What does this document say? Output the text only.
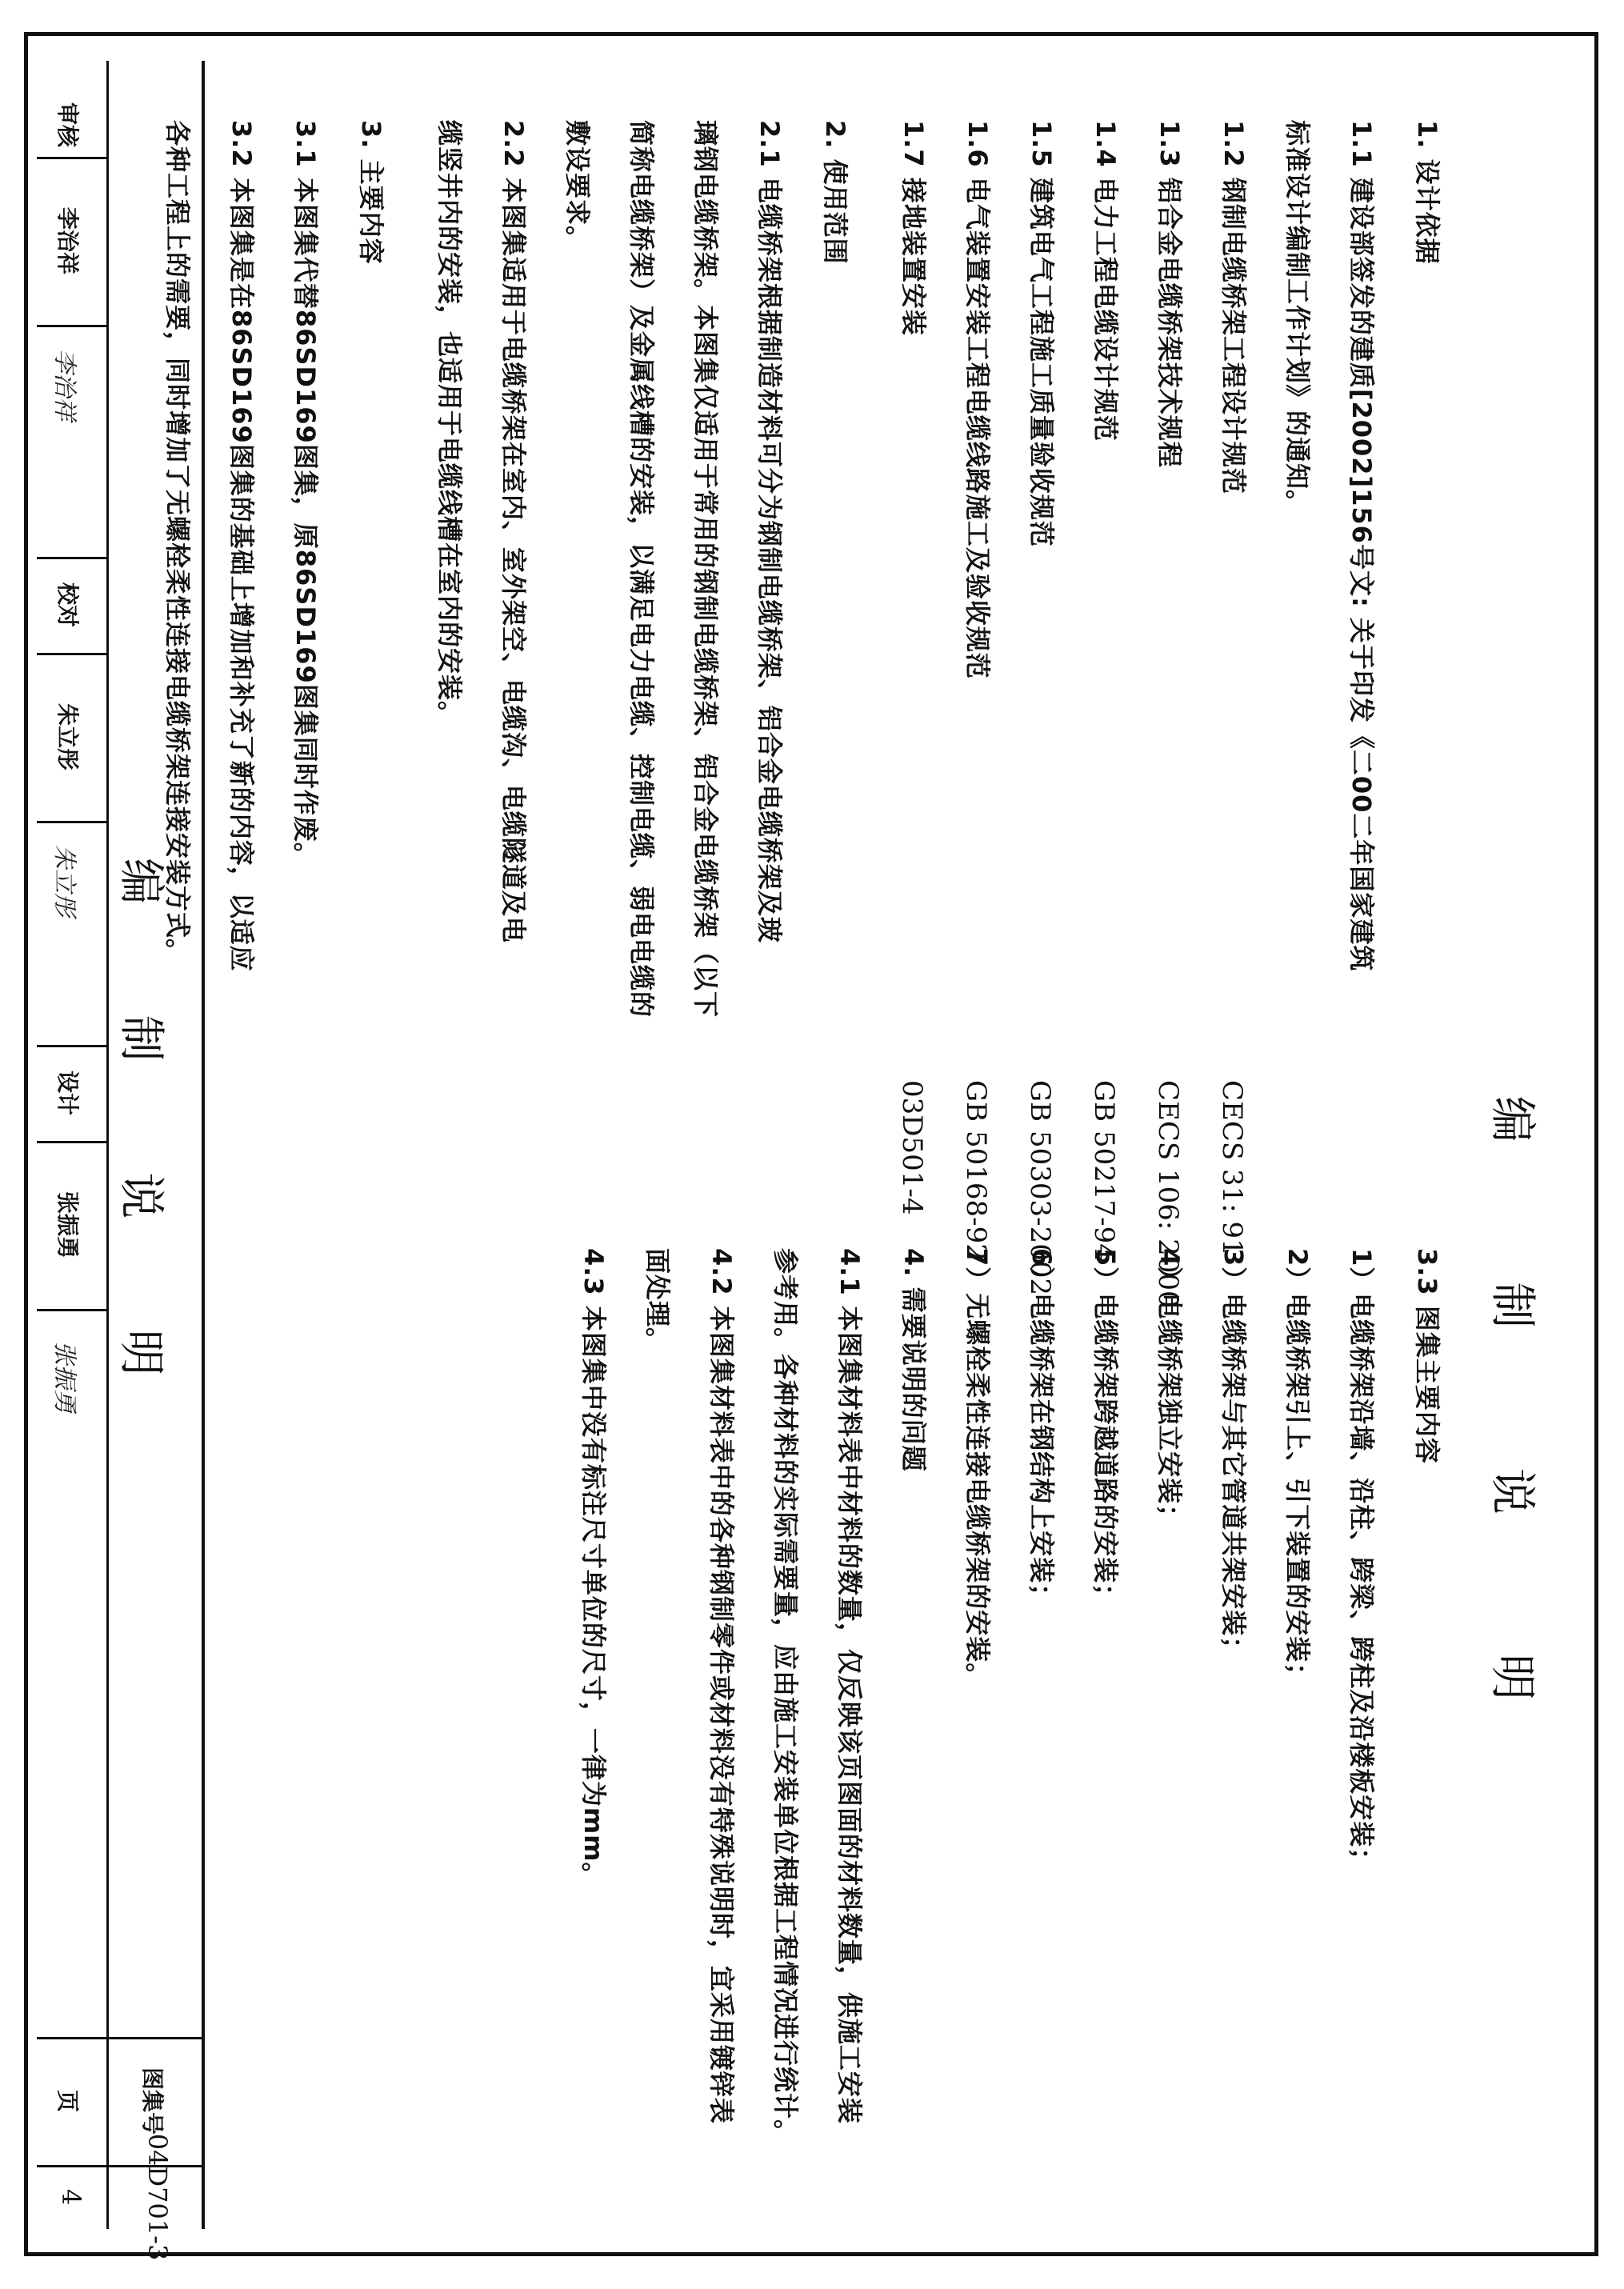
编 制 说 明
1. 设计依据
1.1 建设部签发的建质[2002]156号文: 关于印发《二00二年国家建筑
标准设计编制工作计划》的通知。
1.2 钢制电缆桥架工程设计规范
CECS 31: 91
1.3 铝合金电缆桥架技术规程
CECS 106: 2000
1.4 电力工程电缆设计规范
GB 50217-94
1.5 建筑电气工程施工质量验收规范
GB 50303-2002
1.6 电气装置安装工程电缆线路施工及验收规范
GB 50168-92
1.7 接地装置安装
03D501-4
2. 使用范围
2.1 电缆桥架根据制造材料可分为钢制电缆桥架、铝合金电缆桥架及玻
璃钢电缆桥架。本图集仅适用于常用的钢制电缆桥架、铝合金电缆桥架（以下
简称电缆桥架）及金属线槽的安装，以满足电力电缆、控制电缆、弱电电缆的
敷设要求。
2.2 本图集适用于电缆桥架在室内、室外架空、电缆沟、电缆隧道及电
缆竖井内的安装，也适用于电缆线槽在室内的安装。
3. 主要内容
3.1 本图集代替86SD169图集，原86SD169图集同时作废。
3.2 本图集是在86SD169图集的基础上增加和补充了新的内容，以适应
各种工程上的需要，同时增加了无螺栓柔性连接电缆桥架连接安装方式。
3.3 图集主要内容
1）电缆桥架沿墙、沿柱、跨梁、跨柱及沿楼板安装；
2）电缆桥架引上、引下装置的安装；
3）电缆桥架与其它管道共架安装；
4）电缆桥架独立安装；
5）电缆桥架跨越道路的安装；
6）电缆桥架在钢结构上安装；
7）无螺栓柔性连接电缆桥架的安装。
4. 需要说明的问题
4.1 本图集材料表中材料的数量，仅反映该页图面的材料数量，供施工安装
参考用。各种材料的实际需要量，应由施工安装单位根据工程情况进行统计。
4.2 本图集材料表中的各种钢制零件或材料没有特殊说明时，宜采用镀锌表
面处理。
4.3 本图集中没有标注尺寸单位的尺寸，一律为mm。
编 制 说 明
图集号
04D701-3
审核
李治祥
李治祥
校对
朱立彤
朱立彤
设计
张振勇
张振勇
页
4
